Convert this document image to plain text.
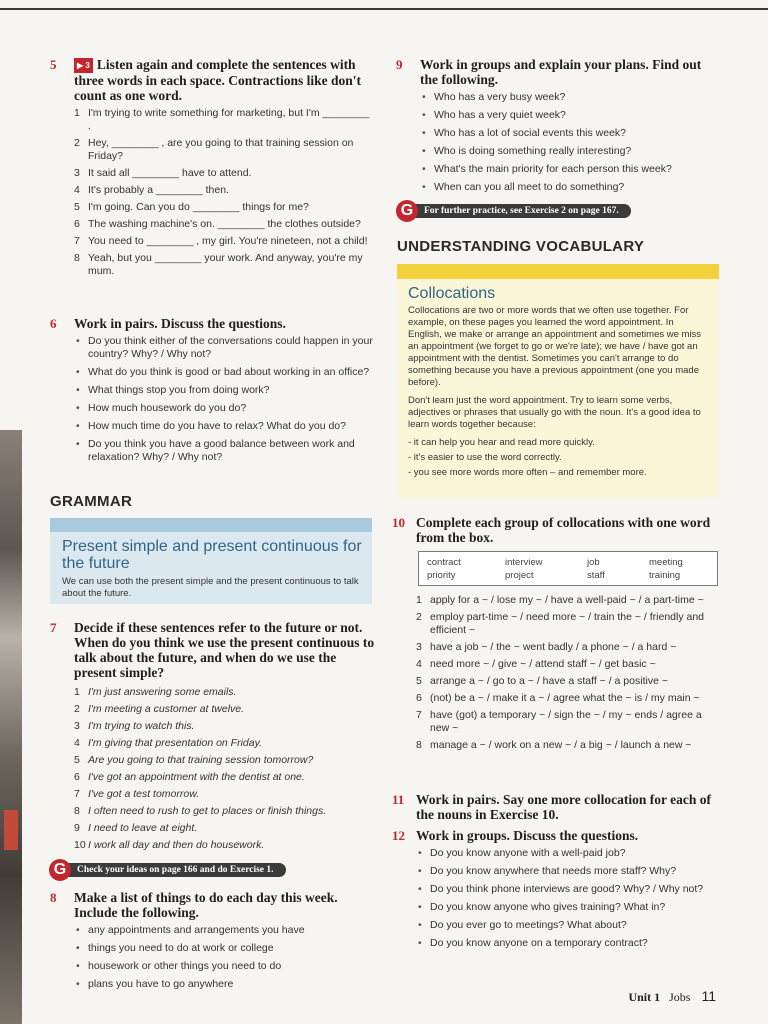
5	▶ 3 Listen again and complete the sentences with three words in each space. Contractions like don't count as one word.
1 I'm trying to write something for marketing, but I'm ________ .
2 Hey, ________ , are you going to that training session on Friday?
3 It said all ________ have to attend.
4 It's probably a ________ then.
5 I'm going. Can you do ________ things for me?
6 The washing machine's on. ________ the clothes outside?
7 You need to ________ , my girl. You're nineteen, not a child!
8 Yeah, but you ________ your work. And anyway, you're my mum.
6 Work in pairs. Discuss the questions.
• Do you think either of the conversations could happen in your country? Why? / Why not?
• What do you think is good or bad about working in an office?
• What things stop you from doing work?
• How much housework do you do?
• How much time do you have to relax? What do you do?
• Do you think you have a good balance between work and relaxation? Why? / Why not?
GRAMMAR
Present simple and present continuous for the future
We can use both the present simple and the present continuous to talk about the future.
7 Decide if these sentences refer to the future or not. When do you think we use the present continuous to talk about the future, and when do we use the present simple?
1 I'm just answering some emails.
2 I'm meeting a customer at twelve.
3 I'm trying to watch this.
4 I'm giving that presentation on Friday.
5 Are you going to that training session tomorrow?
6 I've got an appointment with the dentist at one.
7 I've got a test tomorrow.
8 I often need to rush to get to places or finish things.
9 I need to leave at eight.
10 I work all day and then do housework.
G	Check your ideas on page 166 and do Exercise 1.
8 Make a list of things to do each day this week. Include the following.
• any appointments and arrangements you have
• things you need to do at work or college
• housework or other things you need to do
• plans you have to go anywhere
9 Work in groups and explain your plans. Find out the following.
• Who has a very busy week?
• Who has a very quiet week?
• Who has a lot of social events this week?
• Who is doing something really interesting?
• What's the main priority for each person this week?
• When can you all meet to do something?
G	For further practice, see Exercise 2 on page 167.
UNDERSTANDING VOCABULARY
Collocations

Collocations are two or more words that we often use together. For example, on these pages you learned the word appointment. In English, we make or arrange an appointment and sometimes we miss an appointment (we forget to go or we're late); we have / have got an appointment with the dentist. Sometimes you can't arrange to do something because you have a previous appointment (one you made before).

Don't learn just the word appointment. Try to learn some verbs, adjectives or phrases that usually go with the noun. It's a good idea to learn words together because:

- it can help you hear and read more quickly.

- it's easier to use the word correctly.

- you see more words more often – and remember more.

10 Complete each group of collocations with one word from the box.
contract	interview	job	meeting
priority	project	staff	training
1 apply for a ~ / lose my ~ / have a well-paid ~ / a part-time ~
2 employ part-time ~ / need more ~ / train the ~ / friendly and efficient ~
3 have a job ~ / the ~ went badly / a phone ~ / a hard ~
4 need more ~ / give ~ / attend staff ~ / get basic ~
5 arrange a ~ / go to a ~ / have a staff ~ / a positive ~
6 (not) be a ~ / make it a ~ / agree what the ~ is / my main ~
7 have (got) a temporary ~ / sign the ~ / my ~ ends / agree a new ~
8 manage a ~ / work on a new ~ / a big ~ / launch a new ~
11 Work in pairs. Say one more collocation for each of the nouns in Exercise 10.
12 Work in groups. Discuss the questions.
• Do you know anyone with a well-paid job?
• Do you know anywhere that needs more staff? Why?
• Do you think phone interviews are good? Why? / Why not?
• Do you know anyone who gives training? What in?
• Do you ever go to meetings? What about?
• Do you know anyone on a temporary contract?
Unit 1 Jobs 11
